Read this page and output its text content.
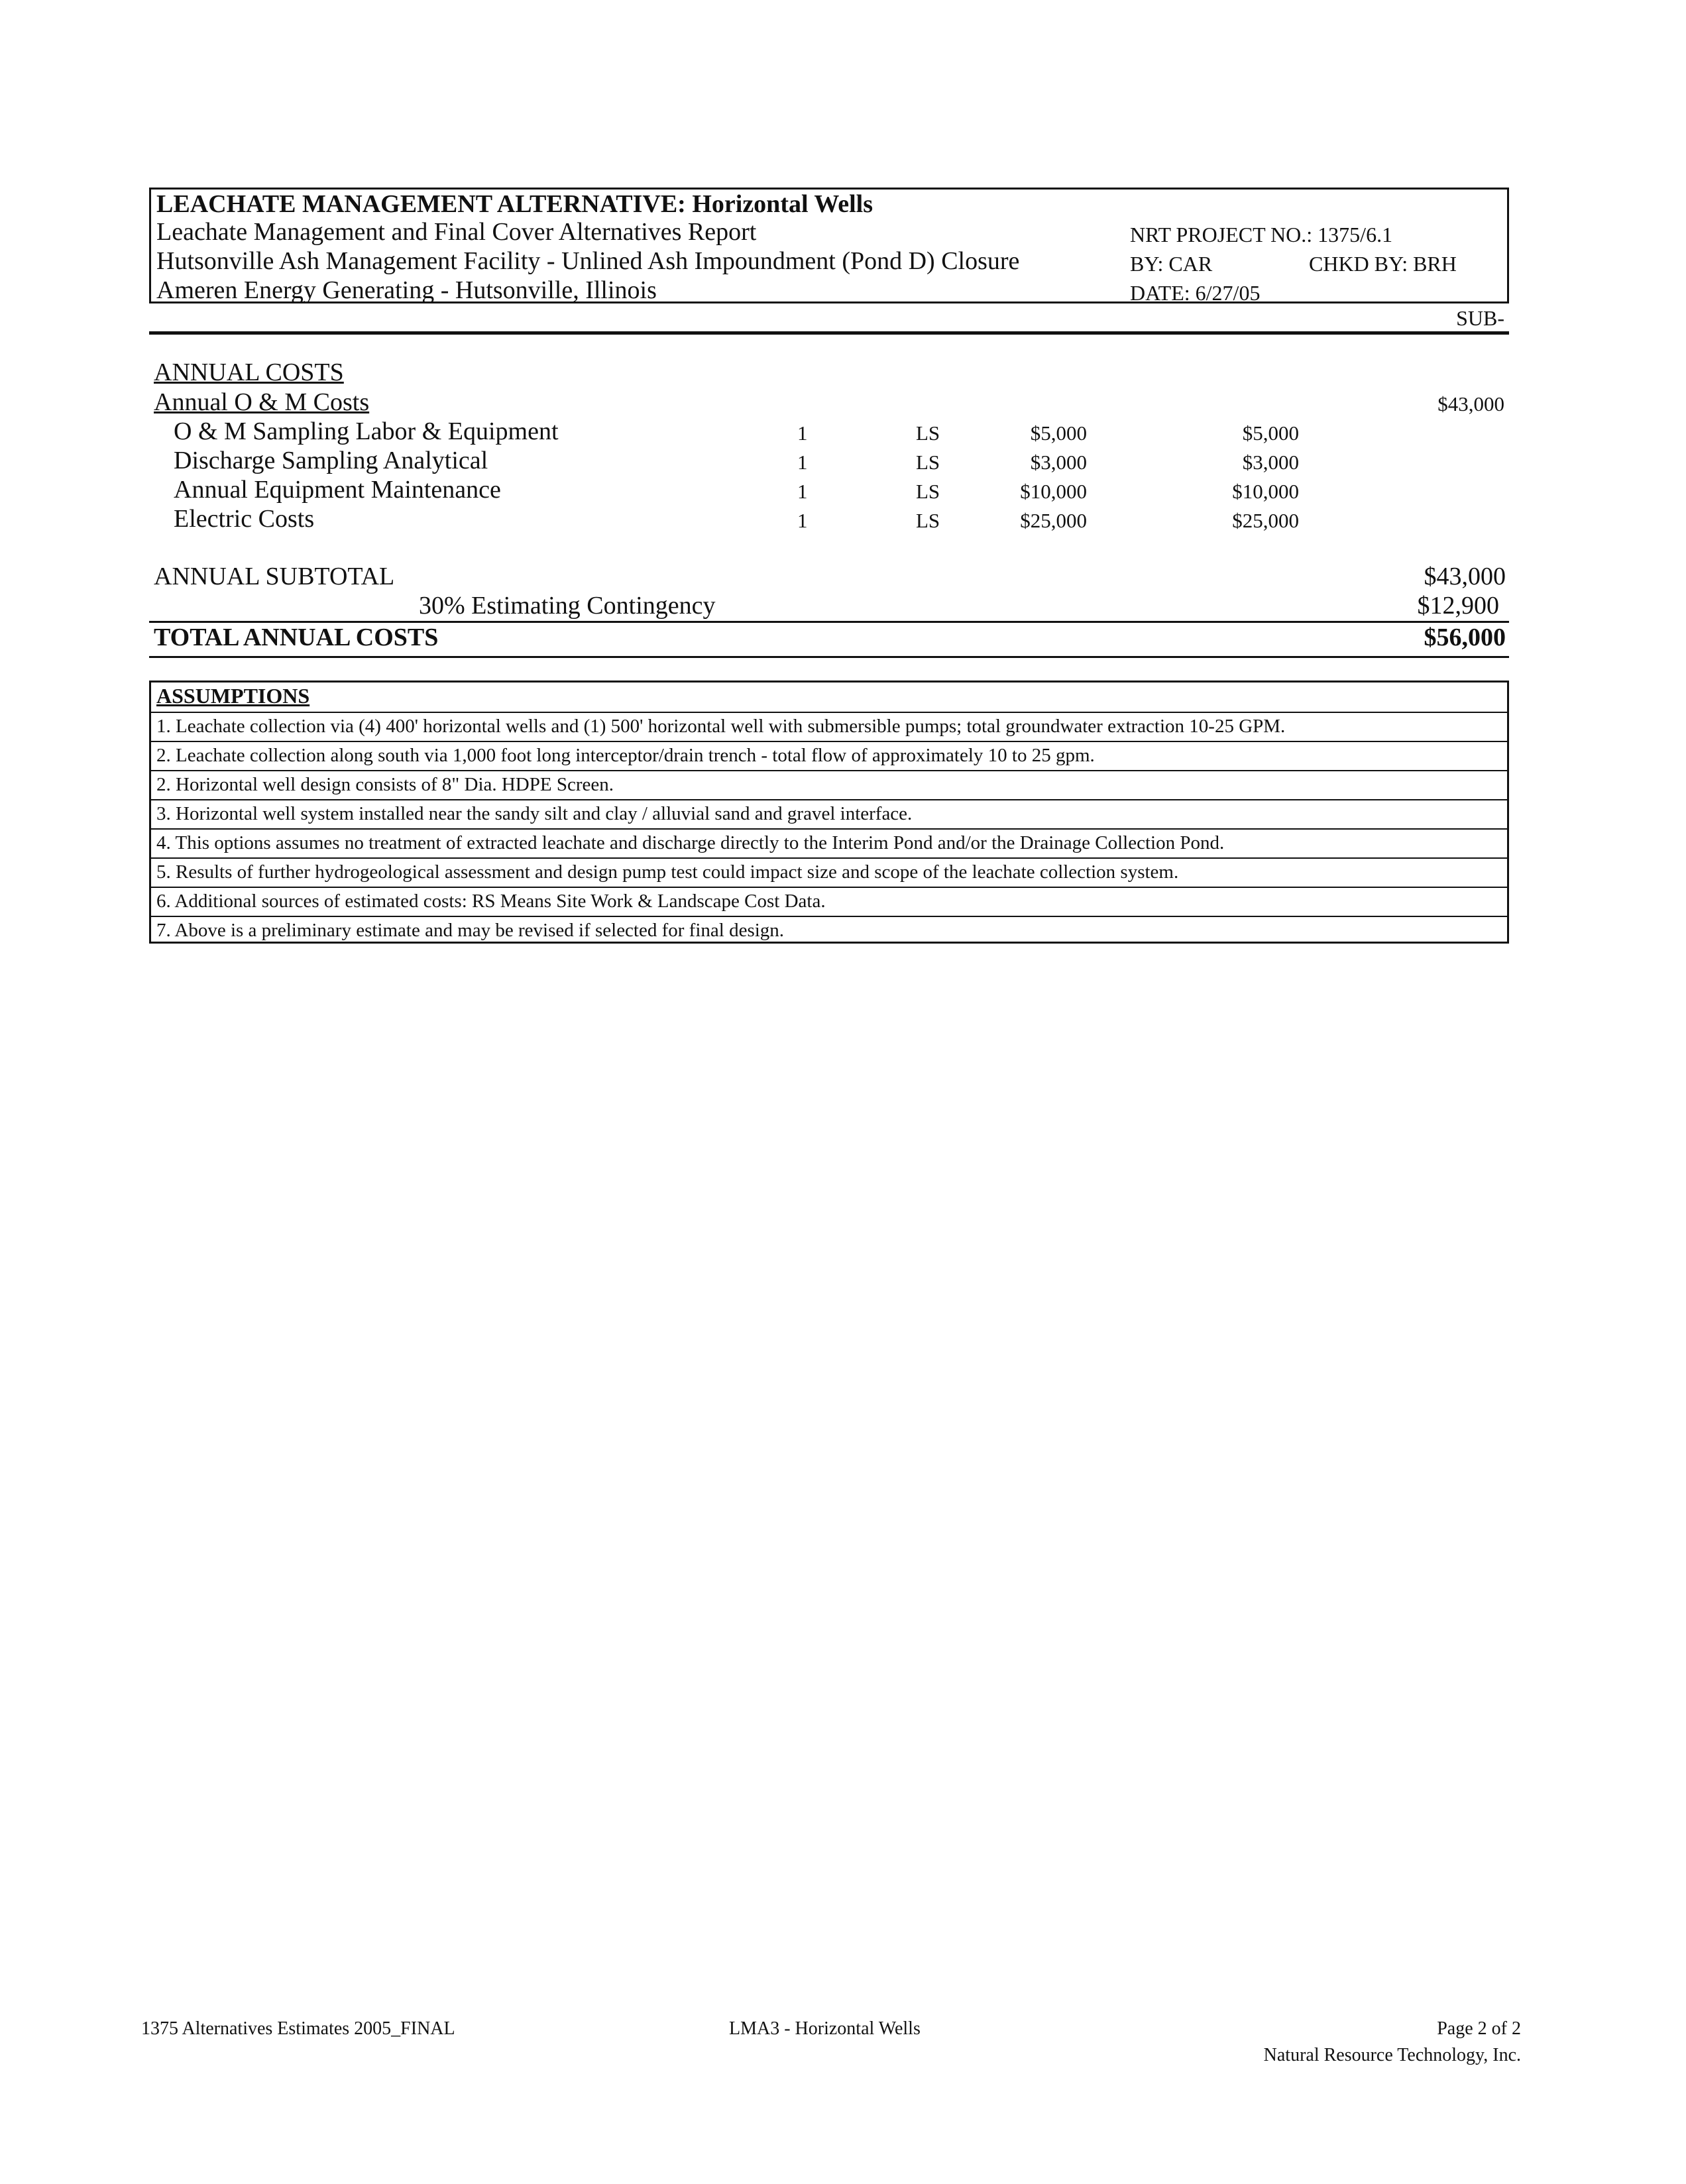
LEACHATE MANAGEMENT ALTERNATIVE: Horizontal Wells
Leachate Management and Final Cover Alternatives Report
Hutsonville Ash Management Facility - Unlined Ash Impoundment (Pond D) Closure
Ameren Energy Generating - Hutsonville, Illinois
NRT PROJECT NO.: 1375/6.1
BY: CAR	CHKD BY: BRH
DATE: 6/27/05
SUB-
ANNUAL COSTS
Annual O & M Costs	$43,000
O & M Sampling Labor & Equipment	1	LS	$5,000	$5,000
Discharge Sampling Analytical	1	LS	$3,000	$3,000
Annual Equipment Maintenance	1	LS	$10,000	$10,000
Electric Costs	1	LS	$25,000	$25,000
ANNUAL SUBTOTAL	$43,000
30% Estimating Contingency	$12,900
TOTAL ANNUAL COSTS	$56,000
ASSUMPTIONS
1. Leachate collection via (4) 400' horizontal wells and (1) 500' horizontal well with submersible pumps; total groundwater extraction 10-25 GPM.
2. Leachate collection along south via 1,000 foot long interceptor/drain trench - total flow of approximately 10 to 25 gpm.
2. Horizontal well design consists of 8" Dia. HDPE Screen.
3. Horizontal well system installed near the sandy silt and clay / alluvial sand and gravel interface.
4. This options assumes no treatment of extracted leachate and discharge directly to the Interim Pond and/or the Drainage Collection Pond.
5. Results of further hydrogeological assessment and design pump test could impact size and scope of the leachate collection system.
6. Additional sources of estimated costs: RS Means Site Work & Landscape Cost Data.
7. Above is a preliminary estimate and may be revised if selected for final design.
1375 Alternatives Estimates 2005_FINAL	LMA3 - Horizontal Wells	Page 2 of 2
Natural Resource Technology, Inc.
